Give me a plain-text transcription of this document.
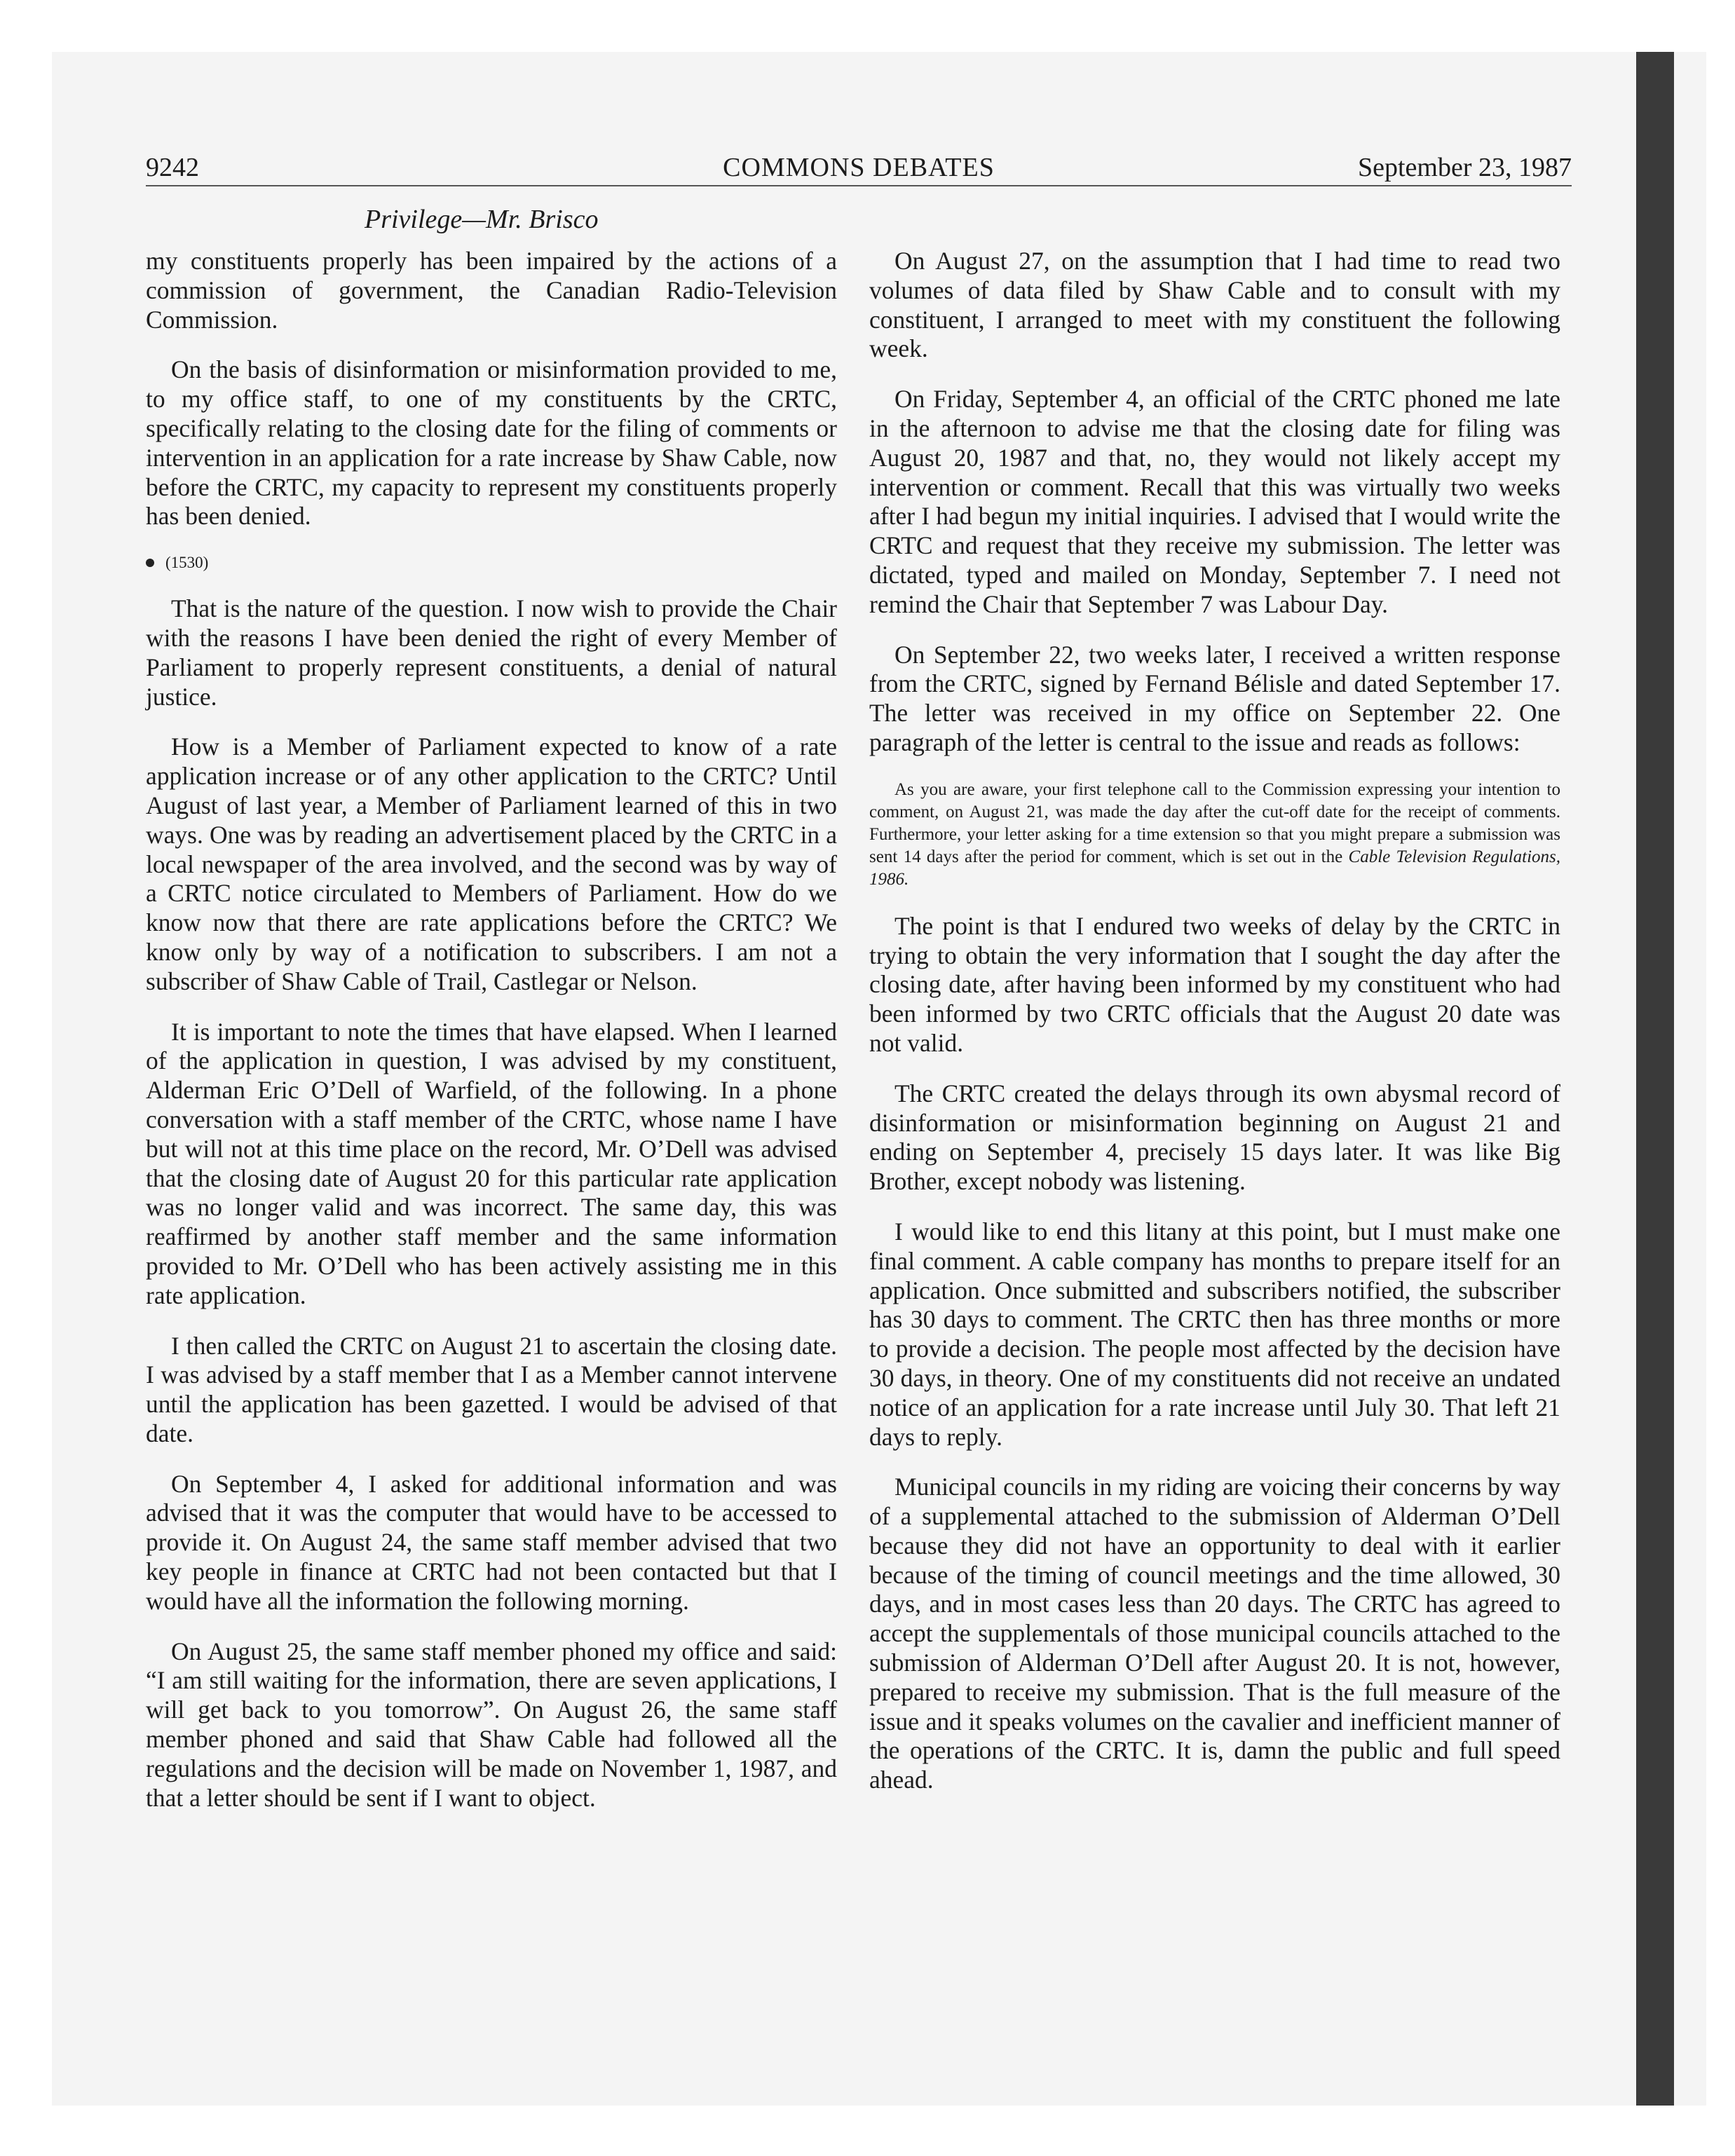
9242	COMMONS DEBATES	September 23, 1987
Privilege—Mr. Brisco

my constituents properly has been impaired by the actions of a commission of government, the Canadian Radio-Television Commission.

On the basis of disinformation or misinformation provided to me, to my office staff, to one of my constituents by the CRTC, specifically relating to the closing date for the filing of comments or intervention in an application for a rate increase by Shaw Cable, now before the CRTC, my capacity to represent my constituents properly has been denied.

(1530)

That is the nature of the question. I now wish to provide the Chair with the reasons I have been denied the right of every Member of Parliament to properly represent constituents, a denial of natural justice.

How is a Member of Parliament expected to know of a rate application increase or of any other application to the CRTC? Until August of last year, a Member of Parliament learned of this in two ways. One was by reading an advertisement placed by the CRTC in a local newspaper of the area involved, and the second was by way of a CRTC notice circulated to Members of Parliament. How do we know now that there are rate applications before the CRTC? We know only by way of a notification to subscribers. I am not a subscriber of Shaw Cable of Trail, Castlegar or Nelson.

It is important to note the times that have elapsed. When I learned of the application in question, I was advised by my constituent, Alderman Eric O’Dell of Warfield, of the following. In a phone conversation with a staff member of the CRTC, whose name I have but will not at this time place on the record, Mr. O’Dell was advised that the closing date of August 20 for this particular rate application was no longer valid and was incorrect. The same day, this was reaffirmed by another staff member and the same information provided to Mr. O’Dell who has been actively assisting me in this rate application.

I then called the CRTC on August 21 to ascertain the closing date. I was advised by a staff member that I as a Member cannot intervene until the application has been gazetted. I would be advised of that date.

On September 4, I asked for additional information and was advised that it was the computer that would have to be accessed to provide it. On August 24, the same staff member advised that two key people in finance at CRTC had not been contacted but that I would have all the information the following morning.

On August 25, the same staff member phoned my office and said: “I am still waiting for the information, there are seven applications, I will get back to you tomorrow”. On August 26, the same staff member phoned and said that Shaw Cable had followed all the regulations and the decision will be made on November 1, 1987, and that a letter should be sent if I want to object.

On August 27, on the assumption that I had time to read two volumes of data filed by Shaw Cable and to consult with my constituent, I arranged to meet with my constituent the following week.

On Friday, September 4, an official of the CRTC phoned me late in the afternoon to advise me that the closing date for filing was August 20, 1987 and that, no, they would not likely accept my intervention or comment. Recall that this was virtually two weeks after I had begun my initial inquiries. I advised that I would write the CRTC and request that they receive my submission. The letter was dictated, typed and mailed on Monday, September 7. I need not remind the Chair that September 7 was Labour Day.

On September 22, two weeks later, I received a written response from the CRTC, signed by Fernand Bélisle and dated September 17. The letter was received in my office on September 22. One paragraph of the letter is central to the issue and reads as follows:

As you are aware, your first telephone call to the Commission expressing your intention to comment, on August 21, was made the day after the cut-off date for the receipt of comments. Furthermore, your letter asking for a time extension so that you might prepare a submission was sent 14 days after the period for comment, which is set out in the Cable Television Regulations, 1986.

The point is that I endured two weeks of delay by the CRTC in trying to obtain the very information that I sought the day after the closing date, after having been informed by my constituent who had been informed by two CRTC officials that the August 20 date was not valid.

The CRTC created the delays through its own abysmal record of disinformation or misinformation beginning on August 21 and ending on September 4, precisely 15 days later. It was like Big Brother, except nobody was listening.

I would like to end this litany at this point, but I must make one final comment. A cable company has months to prepare itself for an application. Once submitted and subscribers notified, the subscriber has 30 days to comment. The CRTC then has three months or more to provide a decision. The people most affected by the decision have 30 days, in theory. One of my constituents did not receive an undated notice of an application for a rate increase until July 30. That left 21 days to reply.

Municipal councils in my riding are voicing their concerns by way of a supplemental attached to the submission of Alderman O’Dell because they did not have an opportunity to deal with it earlier because of the timing of council meetings and the time allowed, 30 days, and in most cases less than 20 days. The CRTC has agreed to accept the supplementals of those municipal councils attached to the submission of Alderman O’Dell after August 20. It is not, however, prepared to receive my submission. That is the full measure of the issue and it speaks volumes on the cavalier and inefficient manner of the operations of the CRTC. It is, damn the public and full speed ahead.
